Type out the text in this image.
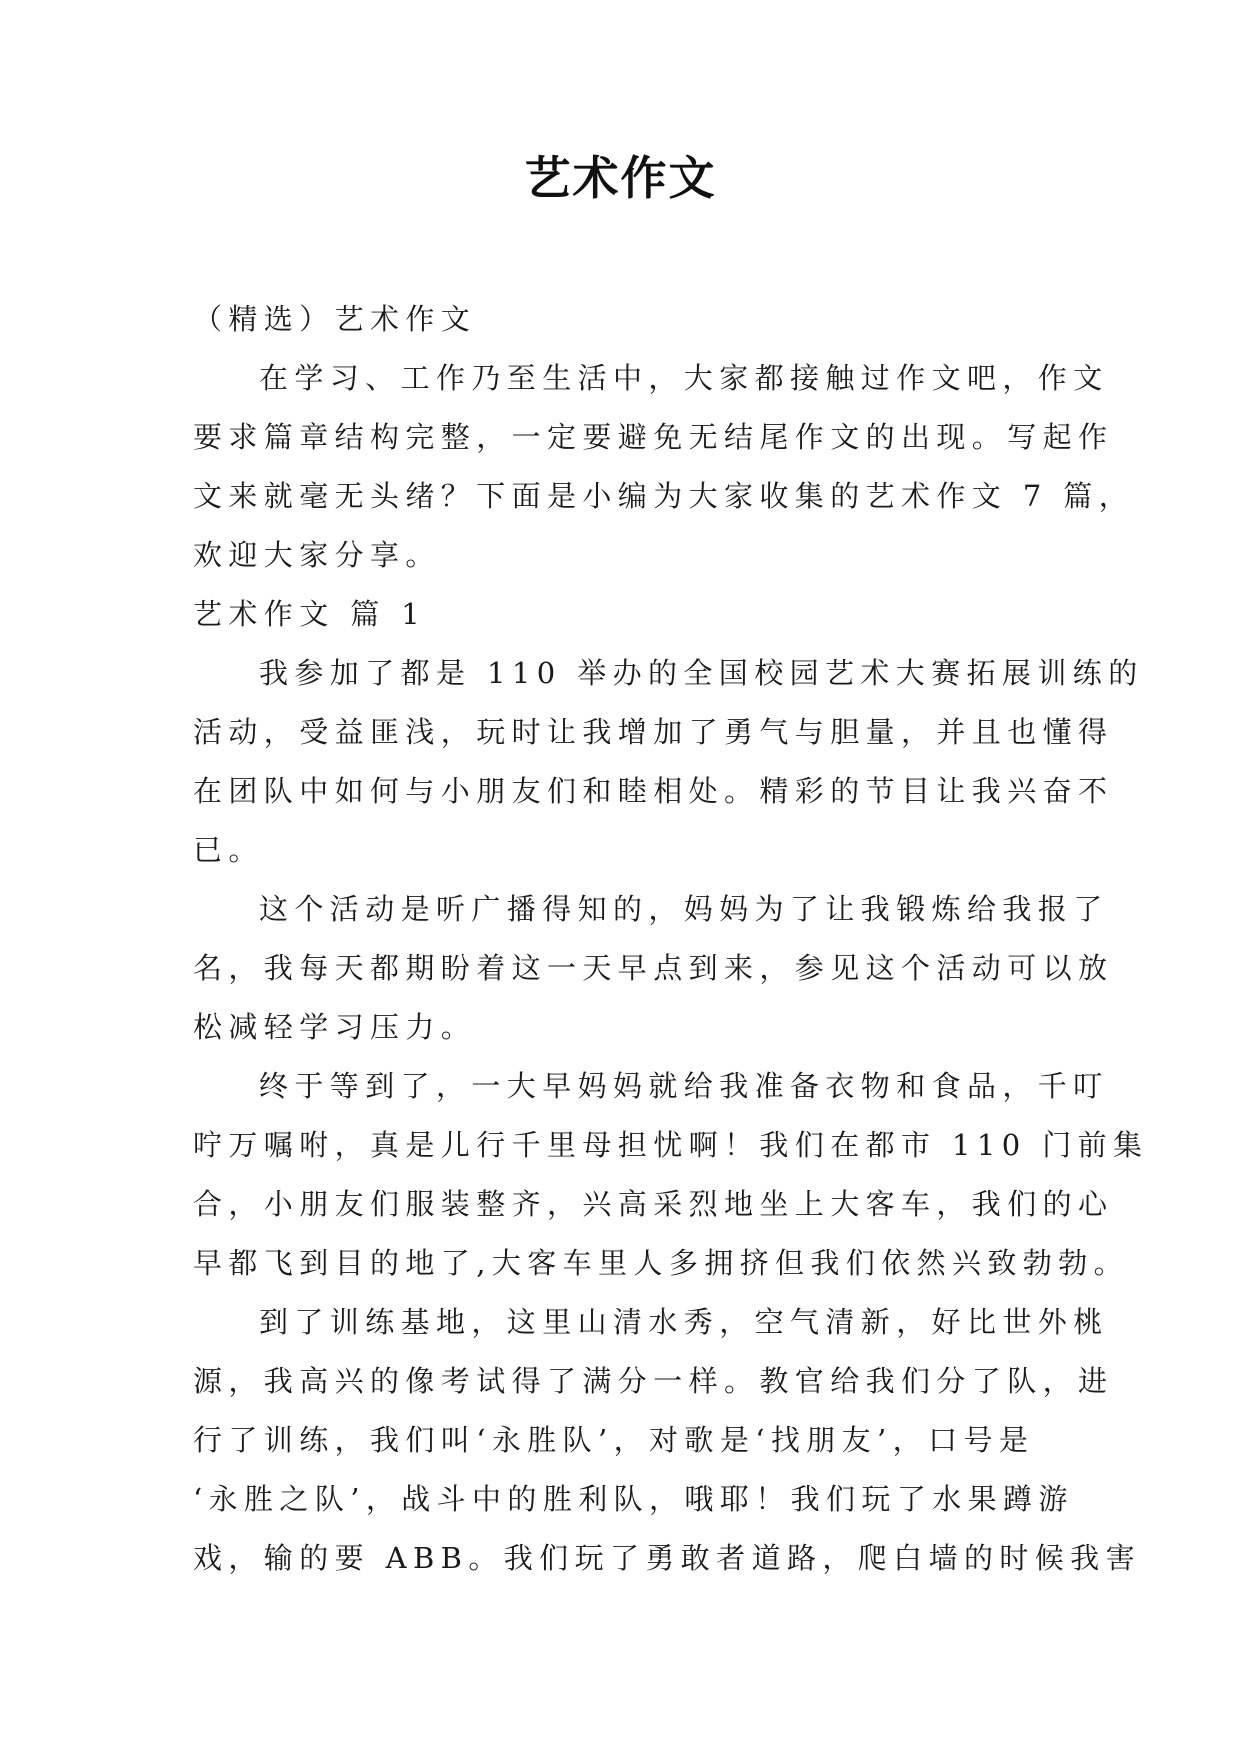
艺术作文
（精选）艺术作文
在学习、工作乃至生活中，大家都接触过作文吧，作文
要求篇章结构完整，一定要避免无结尾作文的出现。写起作
文来就毫无头绪？下面是小编为大家收集的艺术作文 7 篇，
欢迎大家分享。
艺术作文 篇 1
我参加了都是 110 举办的全国校园艺术大赛拓展训练的
活动，受益匪浅，玩时让我增加了勇气与胆量，并且也懂得
在团队中如何与小朋友们和睦相处。精彩的节目让我兴奋不
已。
这个活动是听广播得知的，妈妈为了让我锻炼给我报了
名，我每天都期盼着这一天早点到来，参见这个活动可以放
松减轻学习压力。
终于等到了，一大早妈妈就给我准备衣物和食品，千叮
咛万嘱咐，真是儿行千里母担忧啊！我们在都市 110 门前集
合，小朋友们服装整齐，兴高采烈地坐上大客车，我们的心
早都飞到目的地了,大客车里人多拥挤但我们依然兴致勃勃。
到了训练基地，这里山清水秀，空气清新，好比世外桃
源，我高兴的像考试得了满分一样。教官给我们分了队，进
行了训练，我们叫‘永胜队’，对歌是‘找朋友’，口号是
‘永胜之队’，战斗中的胜利队，哦耶！我们玩了水果蹲游
戏，输的要 ABB。我们玩了勇敢者道路，爬白墙的时候我害
